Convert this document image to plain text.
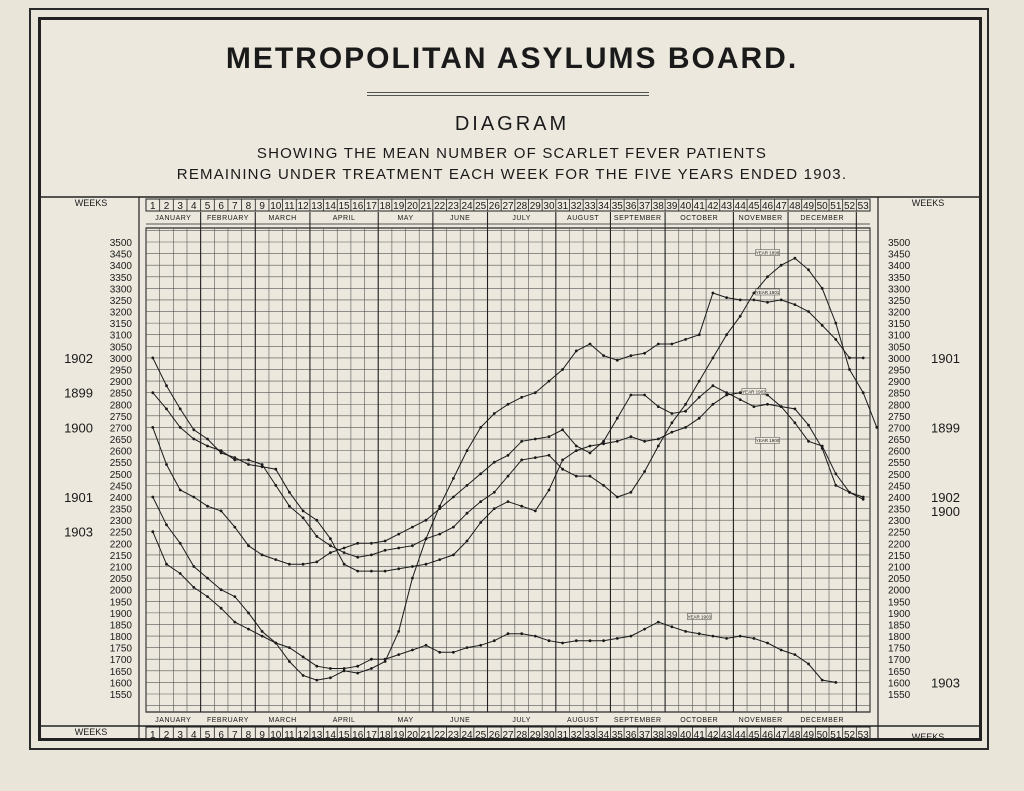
METROPOLITAN ASYLUMS BOARD.
DIAGRAM
SHOWING THE MEAN NUMBER OF SCARLET FEVER PATIENTS
REMAINING UNDER TREATMENT EACH WEEK FOR THE FIVE YEARS ENDED 1903.
WEEKS	WEEKS
WEEKS	WEEKS
1 2 3 4 5 6 7 8 9 10 11 12 13 14 15 16 17 18 19 20 21 22 23 24 25 26 27 28 29 30 31 32 33 34 35 36 37 38 39 40 41 42 43 44 45 46 47 48 49 50 51 52 53
1 2 3 4 5 6 7 8 9 10 11 12 13 14 15 16 17 18 19 20 21 22 23 24 25 26 27 28 29 30 31 32 33 34 35 36 37 38 39 40 41 42 43 44 45 46 47 48 49 50 51 52 53
JANUARY FEBRUARY	MARCH	APRIL	MAY	JUNE	JULY	AUGUST SEPTEMBER	OCTOBER	NOVEMBER	DECEMBER
JANUARY FEBRUARY	MARCH	APRIL	MAY	JUNE	JULY	AUGUST SEPTEMBER	OCTOBER	NOVEMBER	DECEMBER
3500
3450
3400
3350
3300
3250
3200
3150
3100
3050
3000
2950
2900
2850
2800
2750
2700
2650
2600
2550
2500
2450
2400
2350
2300
2250
2200
2150
2100
2050
2000
1950
1900
1850
1800
1750
1700
1650
1600
1550
3500
3450
3400
3350
3300
3250
3200
3150
3100
3050
3000
2950
2900
2850
2800
2750
2700
2650
2600
2550
2500
2450
2400
2350
2300
2250
2200
2150
2100
2050
2000
1950
1900
1850
1800
1750
1700
1650
1600
1550
1902
1899
1900
1901
1903
1901
1899
1902
1900
1903
YEAR 1899
YEAR 1901
YEAR 1902
YEAR 1900
YEAR 1903
